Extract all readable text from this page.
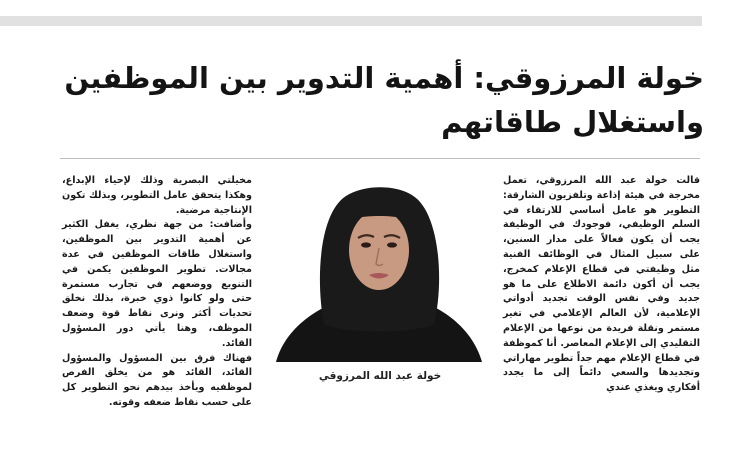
خولة المرزوقي: أهمية التدوير بين الموظفين واستغلال طاقاتهم

قالت خولة عبد الله المرزوقي، تعمل مخرجة في هيئة إذاعة وتلفزيون الشارقة: التطوير هو عامل أساسي للارتقاء في السلم الوظيفي، فوجودك في الوظيفة يجب أن يكون فعالاً على مدار السنين، على سبيل المثال في الوظائف الفنية مثل وظيفتي في قطاع الإعلام كمخرج، يجب أن أكون دائمة الاطلاع على ما هو جديد وفي نفس الوقت تجديد أدواتي الإعلامية، لأن العالم الإعلامي في تغير مستمر ونقلة فريدة من نوعها من الإعلام التقليدي إلى الإعلام المعاصر. أنا كموظفة في قطاع الإعلام مهم جداً تطوير مهاراتي وتجديدها والسعي دائماً إلى ما يجدد أفكاري ويغذي عندي

خولة عبد الله المرزوقي

مخيلتي البصرية وذلك لإحياء الإبداع، وهكذا يتحقق عامل التطوير، وبذلك تكون الإنتاجية مرضية.

وأضافت: من جهة نظري، يغفل الكثير عن أهمية التدوير بين الموظفين، واستغلال طاقات الموظفين في عدة مجالات. تطوير الموظفين يكمن في التنويع ووضعهم في تجارب مستمرة حتى ولو كانوا ذوي خبرة، بذلك نخلق تحديات أكثر ونرى نقاط قوة وضعف الموظف، وهنا يأتي دور المسؤول القائد.

فهناك فرق بين المسؤول والمسؤول القائد، القائد هو من يخلق الفرص لموظفيه ويأخذ بيدهم نحو التطوير كل على حسب نقاط ضعفه وقوته.
